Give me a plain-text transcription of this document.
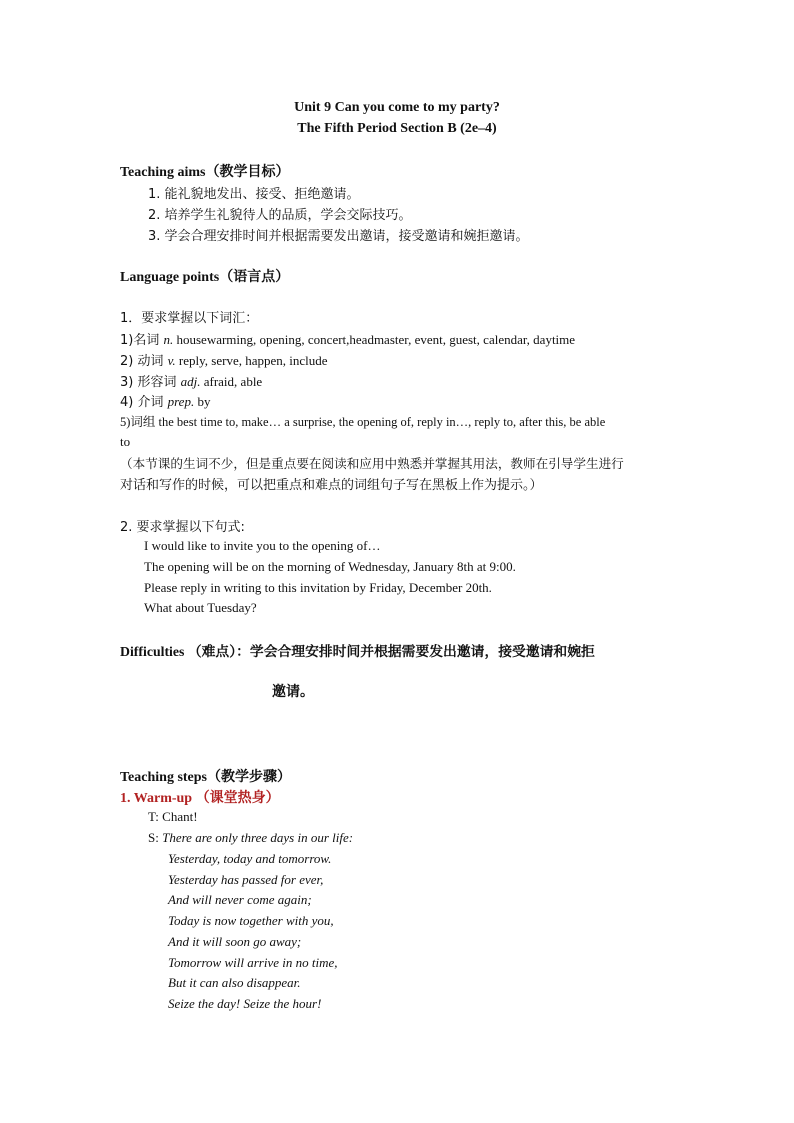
Unit 9 Can you come to my party?
The Fifth Period Section B (2e–4)
Teaching aims（教学目标）
1. 能礼貌地发出、接受、拒绝邀请。
2. 培养学生礼貌待人的品质，学会交际技巧。
3. 学会合理安排时间并根据需要发出邀请，接受邀请和婉拒邀请。
Language points（语言点）
1．要求掌握以下词汇：
1)名词 n. housewarming, opening, concert,headmaster, event, guest, calendar, daytime
2) 动词 v. reply, serve, happen, include
3) 形容词 adj. afraid, able
4) 介词 prep. by
5)词组 the best time to, make… a surprise, the opening of, reply in…, reply to, after this, be able
to
（本节课的生词不少，但是重点要在阅读和应用中熟悉并掌握其用法，教师在引导学生进行
对话和写作的时候，可以把重点和难点的词组句子写在黑板上作为提示。）
2. 要求掌握以下句式:
I would like to invite you to the opening of…
The opening will be on the morning of Wednesday, January 8th at 9:00.
Please reply in writing to this invitation by Friday, December 20th.
What about Tuesday?
Difficulties （难点）：学会合理安排时间并根据需要发出邀请，接受邀请和婉拒
邀请。
Teaching steps（教学步骤）
1. Warm-up （课堂热身）
T: Chant!
S: There are only three days in our life:
Yesterday, today and tomorrow.
Yesterday has passed for ever,
And will never come again;
Today is now together with you,
And it will soon go away;
Tomorrow will arrive in no time,
But it can also disappear.
Seize the day! Seize the hour!
